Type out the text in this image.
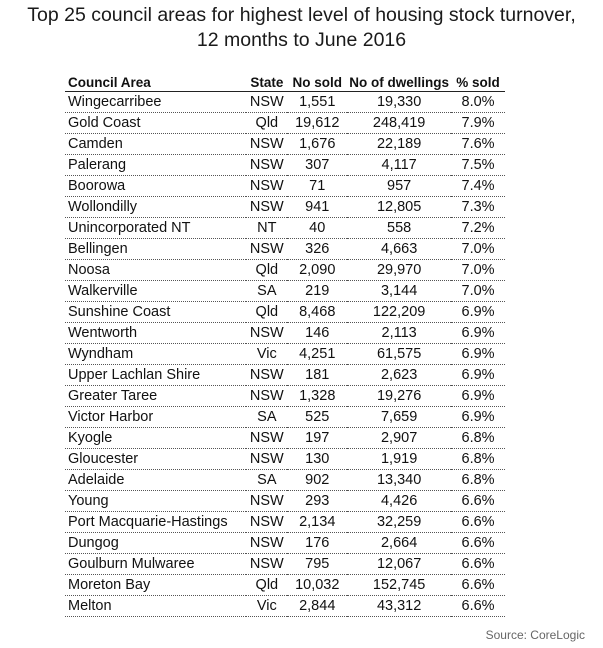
Top 25 council areas for highest level of housing stock turnover,
12 months to June 2016
Council Area	State	No sold	No of dwellings	% sold
Wingecarribee	NSW	1,551	19,330	8.0%
Gold Coast	Qld	19,612	248,419	7.9%
Camden	NSW	1,676	22,189	7.6%
Palerang	NSW	307	4,117	7.5%
Boorowa	NSW	71	957	7.4%
Wollondilly	NSW	941	12,805	7.3%
Unincorporated NT	NT	40	558	7.2%
Bellingen	NSW	326	4,663	7.0%
Noosa	Qld	2,090	29,970	7.0%
Walkerville	SA	219	3,144	7.0%
Sunshine Coast	Qld	8,468	122,209	6.9%
Wentworth	NSW	146	2,113	6.9%
Wyndham	Vic	4,251	61,575	6.9%
Upper Lachlan Shire	NSW	181	2,623	6.9%
Greater Taree	NSW	1,328	19,276	6.9%
Victor Harbor	SA	525	7,659	6.9%
Kyogle	NSW	197	2,907	6.8%
Gloucester	NSW	130	1,919	6.8%
Adelaide	SA	902	13,340	6.8%
Young	NSW	293	4,426	6.6%
Port Macquarie-Hastings	NSW	2,134	32,259	6.6%
Dungog	NSW	176	2,664	6.6%
Goulburn Mulwaree	NSW	795	12,067	6.6%
Moreton Bay	Qld	10,032	152,745	6.6%
Melton	Vic	2,844	43,312	6.6%
Source: CoreLogic
